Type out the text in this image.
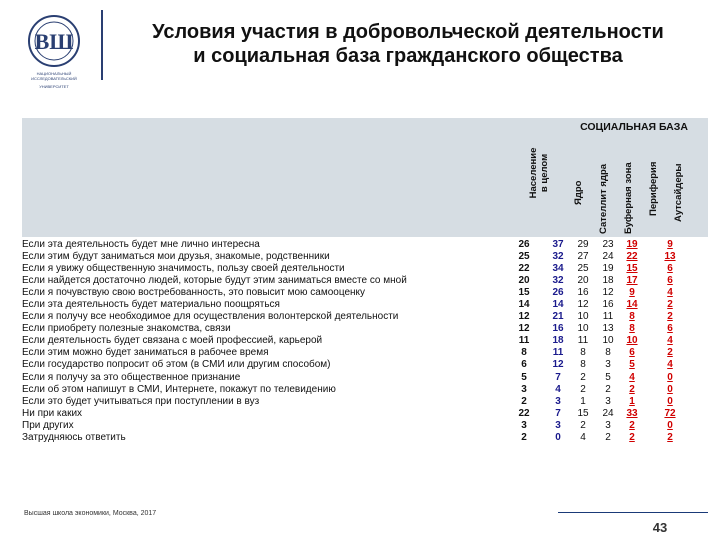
ВШ
НАЦИОНАЛЬНЫЙ ИССЛЕДОВАТЕЛЬСКИЙ
УНИВЕРСИТЕТ
Условия участия в добровольческой деятельности
и социальная база гражданского общества
СОЦИАЛЬНАЯ БАЗА
Население в целом
Ядро Сателлит ядра Буферная зона Периферия Аутсайдеры
Если эта деятельность будет мне лично интересна	26	37	29	23	19	9
Если этим будут заниматься мои друзья, знакомые, родственники	25	32	27	24	22	13
Если я увижу общественную значимость, пользу своей деятельности	22	34	25	19	15	6
Если найдется достаточно людей, которые будут этим заниматься вместе со мной	20	32	20	18	17	6
Если я почувствую свою востребованность, это повысит мою самооценку	15	26	16	12	9	4
Если эта деятельность будет материально поощряться	14	14	12	16	14	2
Если я получу все необходимое для осуществления волонтерской деятельности	12	21	10	11	8	2
Если приобрету полезные знакомства, связи	12	16	10	13	8	6
Если деятельность будет связана с моей профессией, карьерой	11	18	11	10	10	4
Если этим можно будет заниматься в рабочее время	8	11	8	8	6	2
Если государство попросит об этом (в СМИ или другим способом)	6	12	8	3	5	4
Если я получу за это общественное признание	5	7	2	5	4	0
Если об этом напишут в СМИ, Интернете, покажут по телевидению	3	4	2	2	2	0
Если это будет учитываться при поступлении в вуз	2	3	1	3	1	0
Ни при каких	22	7	15	24	33	72
При других	3	3	2	3	2	0
Затрудняюсь ответить	2	0	4	2	2	2
Высшая школа экономики, Москва, 2017
43
